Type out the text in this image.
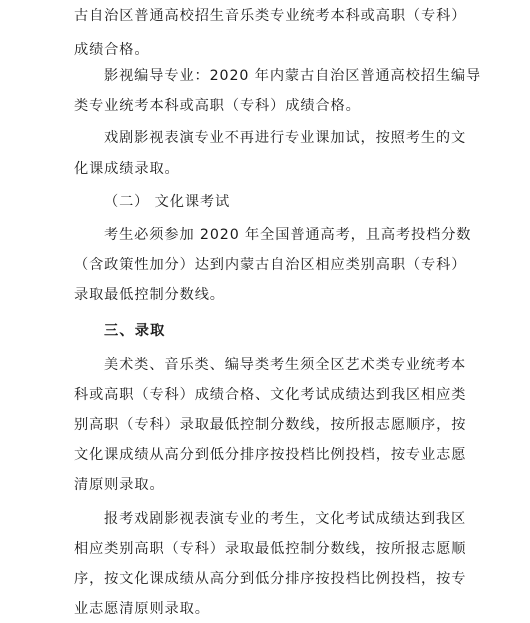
古自治区普通高校招生音乐类专业统考本科或高职（专科）
成绩合格。
影视编导专业：2020 年内蒙古自治区普通高校招生编导
类专业统考本科或高职（专科）成绩合格。
戏剧影视表演专业不再进行专业课加试，按照考生的文
化课成绩录取。
（二） 文化课考试
考生必须参加 2020 年全国普通高考，且高考投档分数
（含政策性加分）达到内蒙古自治区相应类别高职（专科）
录取最低控制分数线。
三、录取
美术类、音乐类、编导类考生须全区艺术类专业统考本
科或高职（专科）成绩合格、文化考试成绩达到我区相应类
别高职（专科）录取最低控制分数线，按所报志愿顺序，按
文化课成绩从高分到低分排序按投档比例投档，按专业志愿
清原则录取。
报考戏剧影视表演专业的考生，文化考试成绩达到我区
相应类别高职（专科）录取最低控制分数线，按所报志愿顺
序，按文化课成绩从高分到低分排序按投档比例投档，按专
业志愿清原则录取。
